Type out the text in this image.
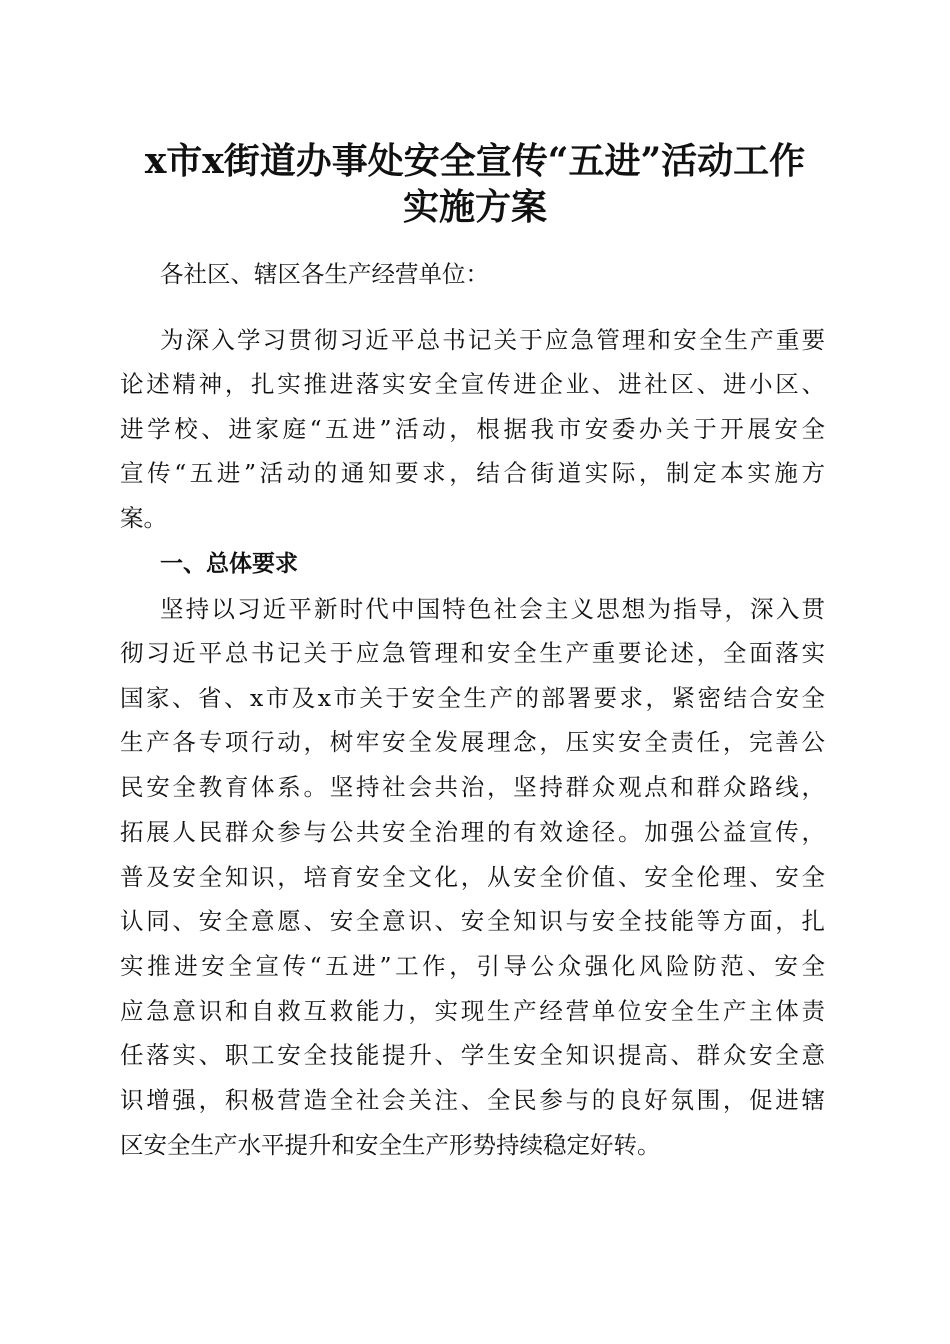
x市x街道办事处安全宣传“五进”活动工作
实施方案
各社区、辖区各生产经营单位：
为深入学习贯彻习近平总书记关于应急管理和安全生产重要
论述精神，扎实推进落实安全宣传进企业、进社区、进小区、
进学校、进家庭“五进”活动，根据我市安委办关于开展安全
宣传“五进”活动的通知要求，结合街道实际，制定本实施方
案。
一、总体要求
坚持以习近平新时代中国特色社会主义思想为指导，深入贯
彻习近平总书记关于应急管理和安全生产重要论述，全面落实
国家、省、x市及x市关于安全生产的部署要求，紧密结合安全
生产各专项行动，树牢安全发展理念，压实安全责任，完善公
民安全教育体系。坚持社会共治，坚持群众观点和群众路线，
拓展人民群众参与公共安全治理的有效途径。加强公益宣传，
普及安全知识，培育安全文化，从安全价值、安全伦理、安全
认同、安全意愿、安全意识、安全知识与安全技能等方面，扎
实推进安全宣传“五进”工作，引导公众强化风险防范、安全
应急意识和自救互救能力，实现生产经营单位安全生产主体责
任落实、职工安全技能提升、学生安全知识提高、群众安全意
识增强，积极营造全社会关注、全民参与的良好氛围，促进辖
区安全生产水平提升和安全生产形势持续稳定好转。
